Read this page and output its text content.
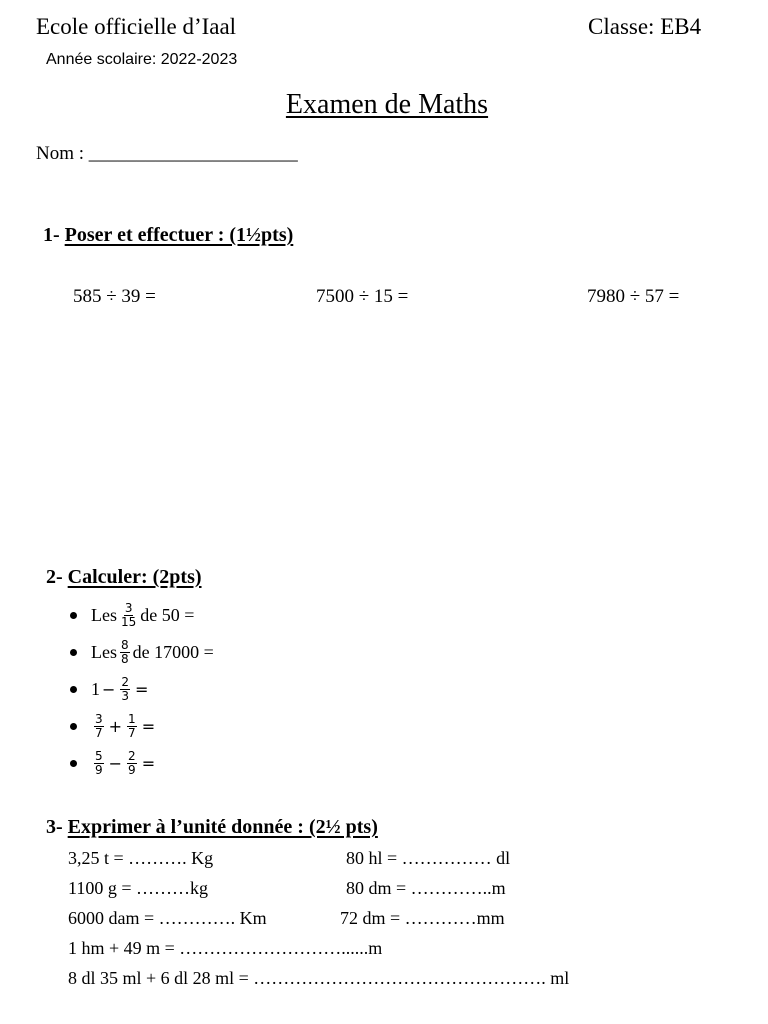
Ecole officielle d’Iaal	Classe: EB4
Année scolaire: 2022-2023
Examen de Maths
Nom : ______________________
1- Poser et effectuer : (1½pts)
585 ÷ 39 =	7500 ÷ 15 =	7980 ÷ 57 =
2- Calculer: (2pts)
Les $\frac{3}{15}$ de 50 =
Les $\frac{8}{8}$ de 17000 =
$1 - \frac{2}{3}$ =
$\frac{3}{7} + \frac{1}{7}$ =
$\frac{5}{9} - \frac{2}{9}$ =
3- Exprimer à l’unité donnée : (2½ pts)
3,25 t = ………. Kg	80 hl = …………… dl
1100 g = ………kg	80 dm = …………..m
6000 dam = …………. Km	72 dm = …………mm
1 hm + 49 m = ………………………......m
8 dl 35 ml + 6 dl 28 ml = …………………………………………. ml
